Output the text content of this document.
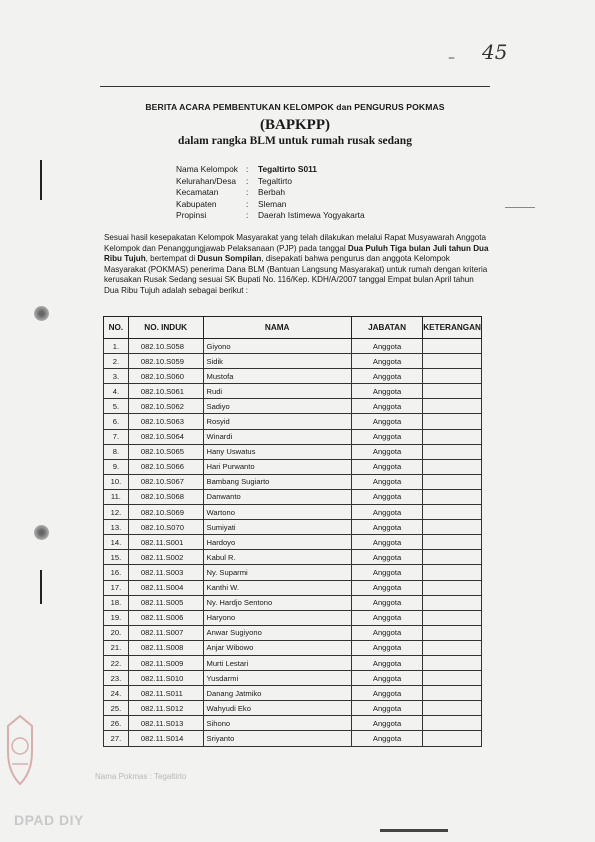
– 45
BERITA ACARA PEMBENTUKAN KELOMPOK dan PENGURUS POKMAS
(BAPKPP)
dalam rangka BLM untuk rumah rusak sedang
Nama Kelompok :	Tegaltirto S011
Kelurahan/Desa	:	Tegaltirto
Kecamatan	:	Berbah
Kabupaten	:	Sleman
Propinsi	:	Daerah Istimewa Yogyakarta
Sesuai hasil kesepakatan Kelompok Masyarakat yang telah dilakukan melalui Rapat Musyawarah Anggota Kelompok dan Penanggungjawab Pelaksanaan (PJP) pada tanggal Dua Puluh Tiga bulan Juli tahun Dua Ribu Tujuh, bertempat di Dusun Sompilan, disepakati bahwa pengurus dan anggota Kelompok Masyarakat (POKMAS) penerima Dana BLM (Bantuan Langsung Masyarakat) untuk rumah dengan kriteria kerusakan Rusak Sedang sesuai SK Bupati No. 116/Kep. KDH/A/2007 tanggal Empat bulan April tahun Dua Ribu Tujuh adalah sebagai berikut :
NO.	NO. INDUK	NAMA	JABATAN	KETERANGAN
1.	082.10.S058	Giyono	Anggota	
2.	082.10.S059	Sidik	Anggota	
3.	082.10.S060	Mustofa	Anggota	
4.	082.10.S061	Rudi	Anggota	
5.	082.10.S062	Sadiyo	Anggota	
6.	082.10.S063	Rosyid	Anggota	
7.	082.10.S064	Winardi	Anggota	
8.	082.10.S065	Hany Uswatus	Anggota	
9.	082.10.S066	Hari Purwanto	Anggota	
10.	082.10.S067	Bambang Sugiarto	Anggota	
11.	082.10.S068	Danwanto	Anggota	
12.	082.10.S069	Wartono	Anggota	
13.	082.10.S070	Sumiyati	Anggota	
14.	082.11.S001	Hardoyo	Anggota	
15.	082.11.S002	Kabul R.	Anggota	
16.	082.11.S003	Ny. Suparmi	Anggota	
17.	082.11.S004	Kanthi W.	Anggota	
18.	082.11.S005	Ny. Hardjo Sentono	Anggota	
19.	082.11.S006	Haryono	Anggota	
20.	082.11.S007	Anwar Sugiyono	Anggota	
21.	082.11.S008	Anjar Wibowo	Anggota	
22.	082.11.S009	Murti Lestari	Anggota	
23.	082.11.S010	Yusdarmi	Anggota	
24.	082.11.S011	Danang Jatmiko	Anggota	
25.	082.11.S012	Wahyudi Eko	Anggota	
26.	082.11.S013	Sihono	Anggota	
27.	082.11.S014	Sriyanto	Anggota	
Nama Pokmas : Tegaltirto
DPAD DIY
